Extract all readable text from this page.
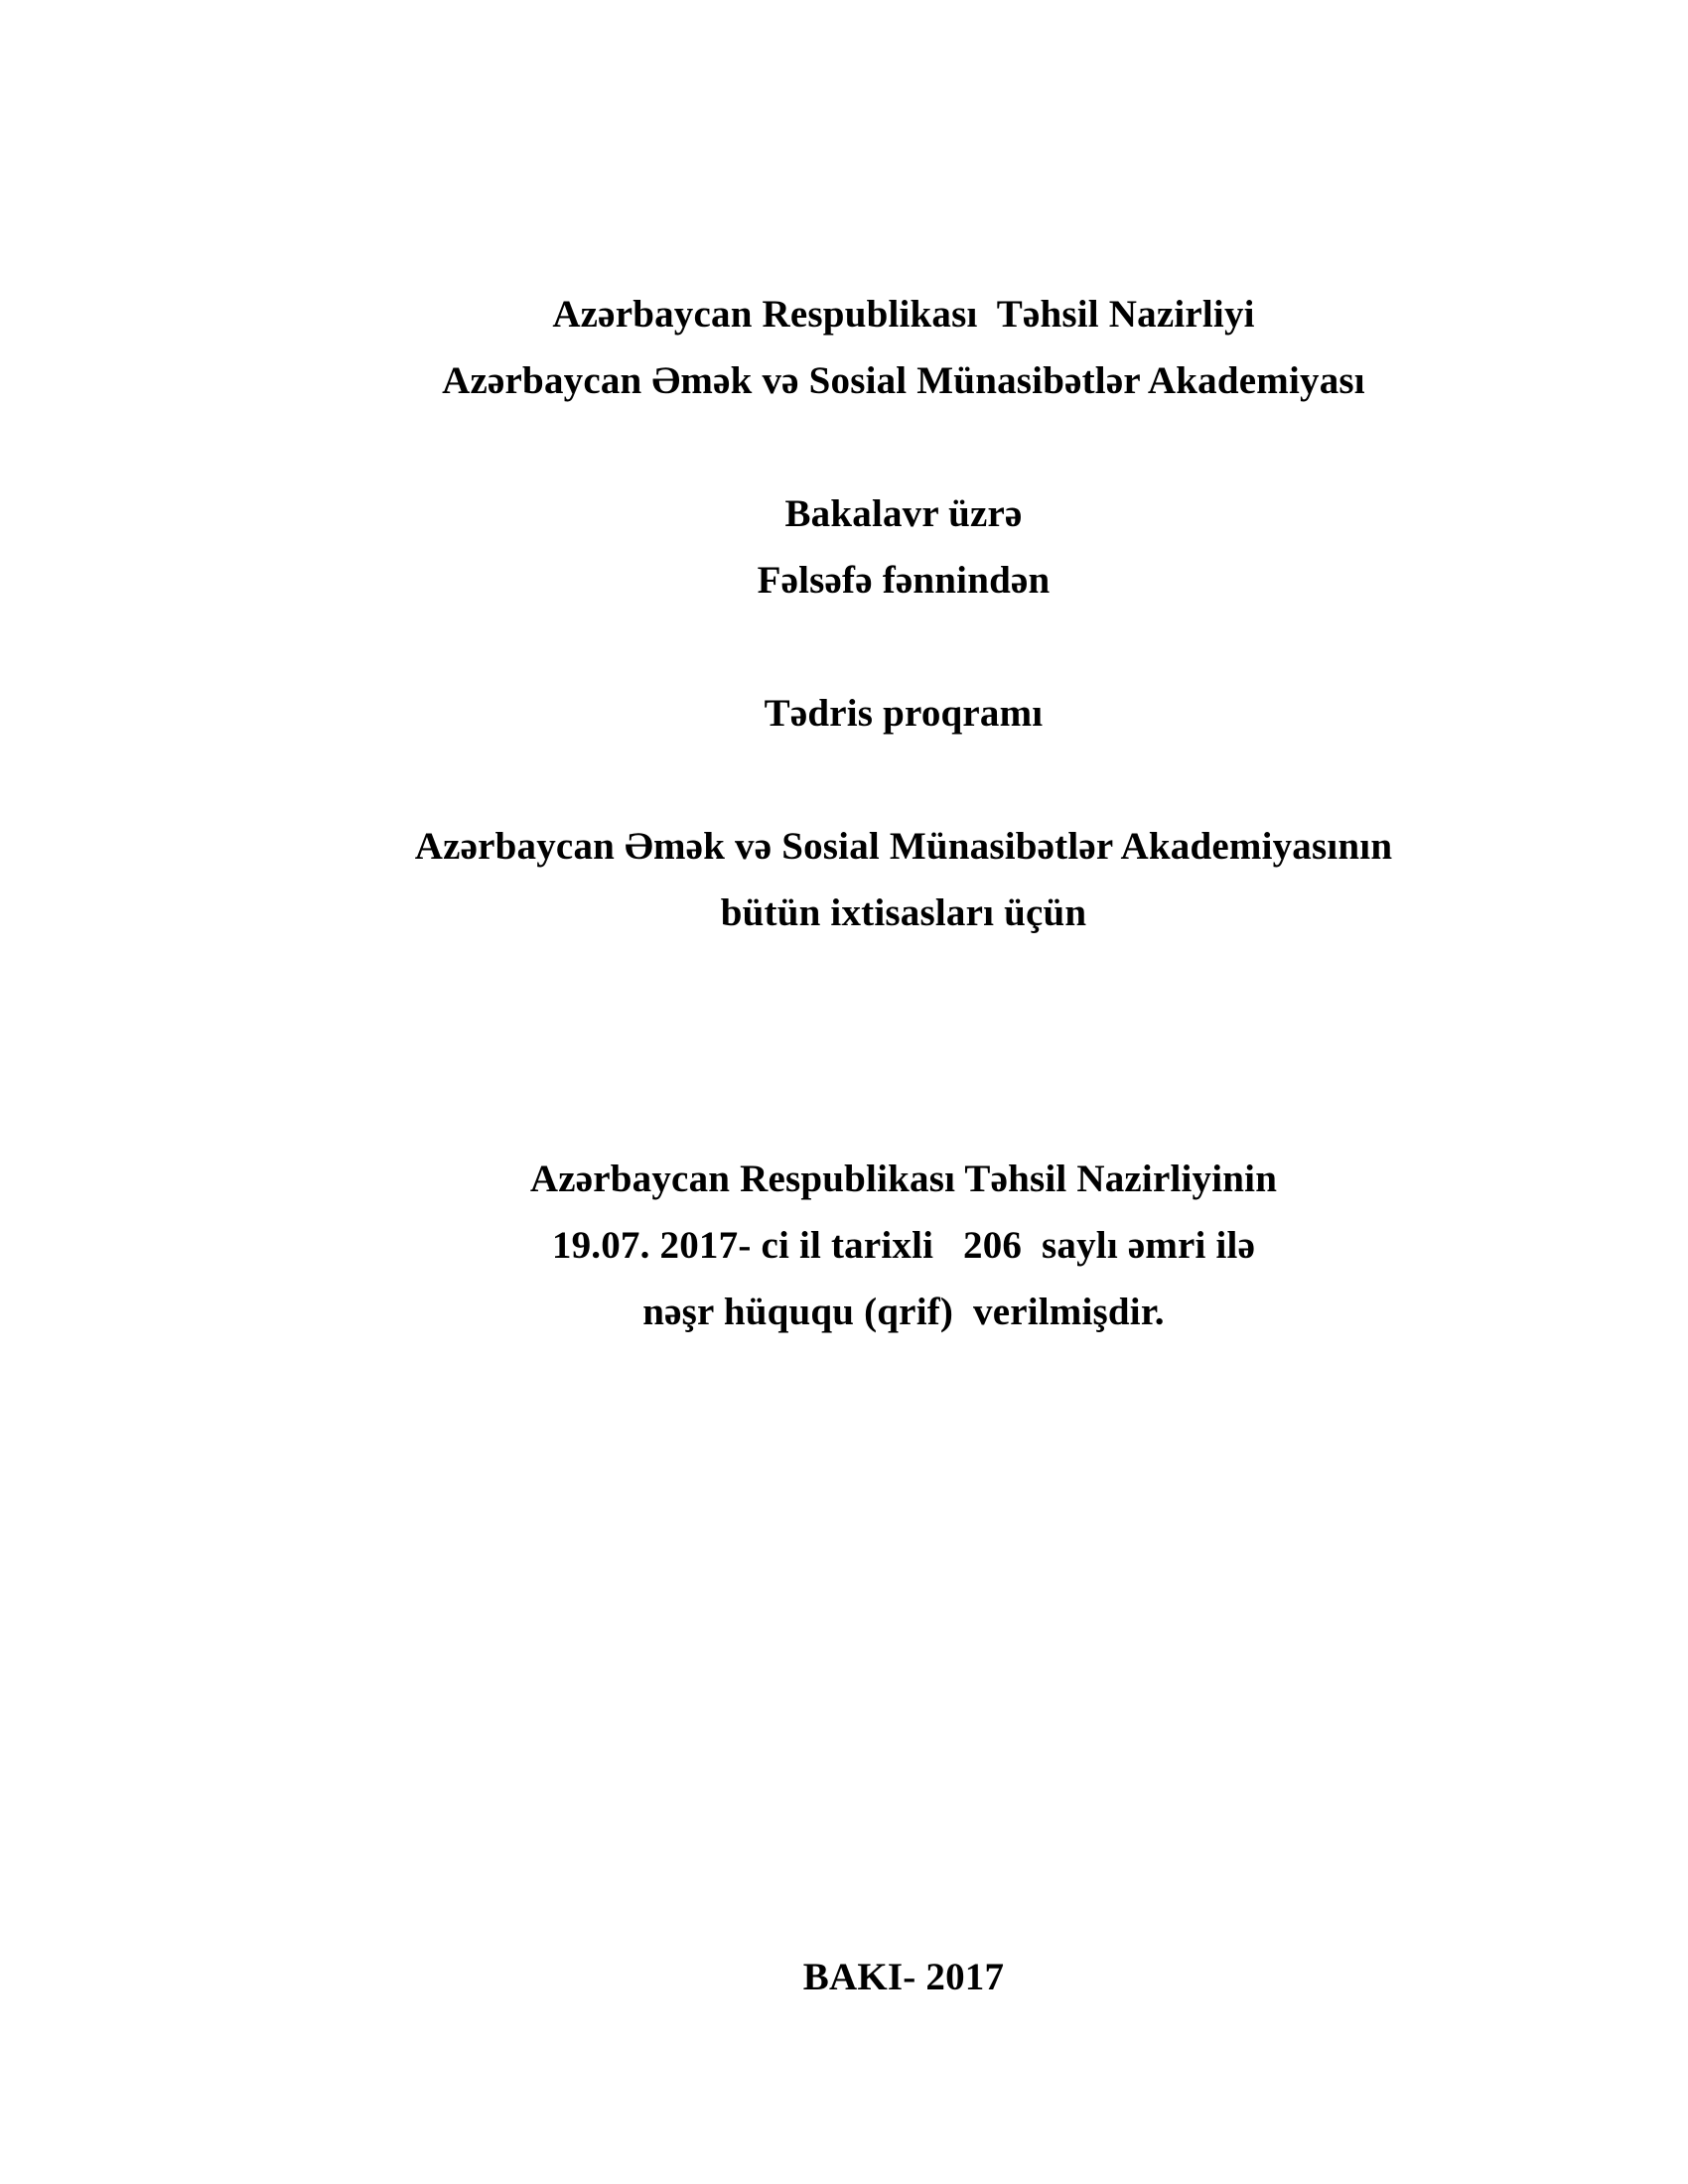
Azərbaycan Respublikası  Təhsil Nazirliyi
Azərbaycan Əmək və Sosial Münasibətlər Akademiyası
Bakalavr üzrə
Fəlsəfə fənnindən
Tədris proqramı
Azərbaycan Əmək və Sosial Münasibətlər Akademiyasının
bütün ixtisasları üçün
Azərbaycan Respublikası Təhsil Nazirliyinin
19.07. 2017- ci il tarixli   206  saylı əmri ilə
nəşr hüququ (qrif)  verilmişdir.
BAKI- 2017
